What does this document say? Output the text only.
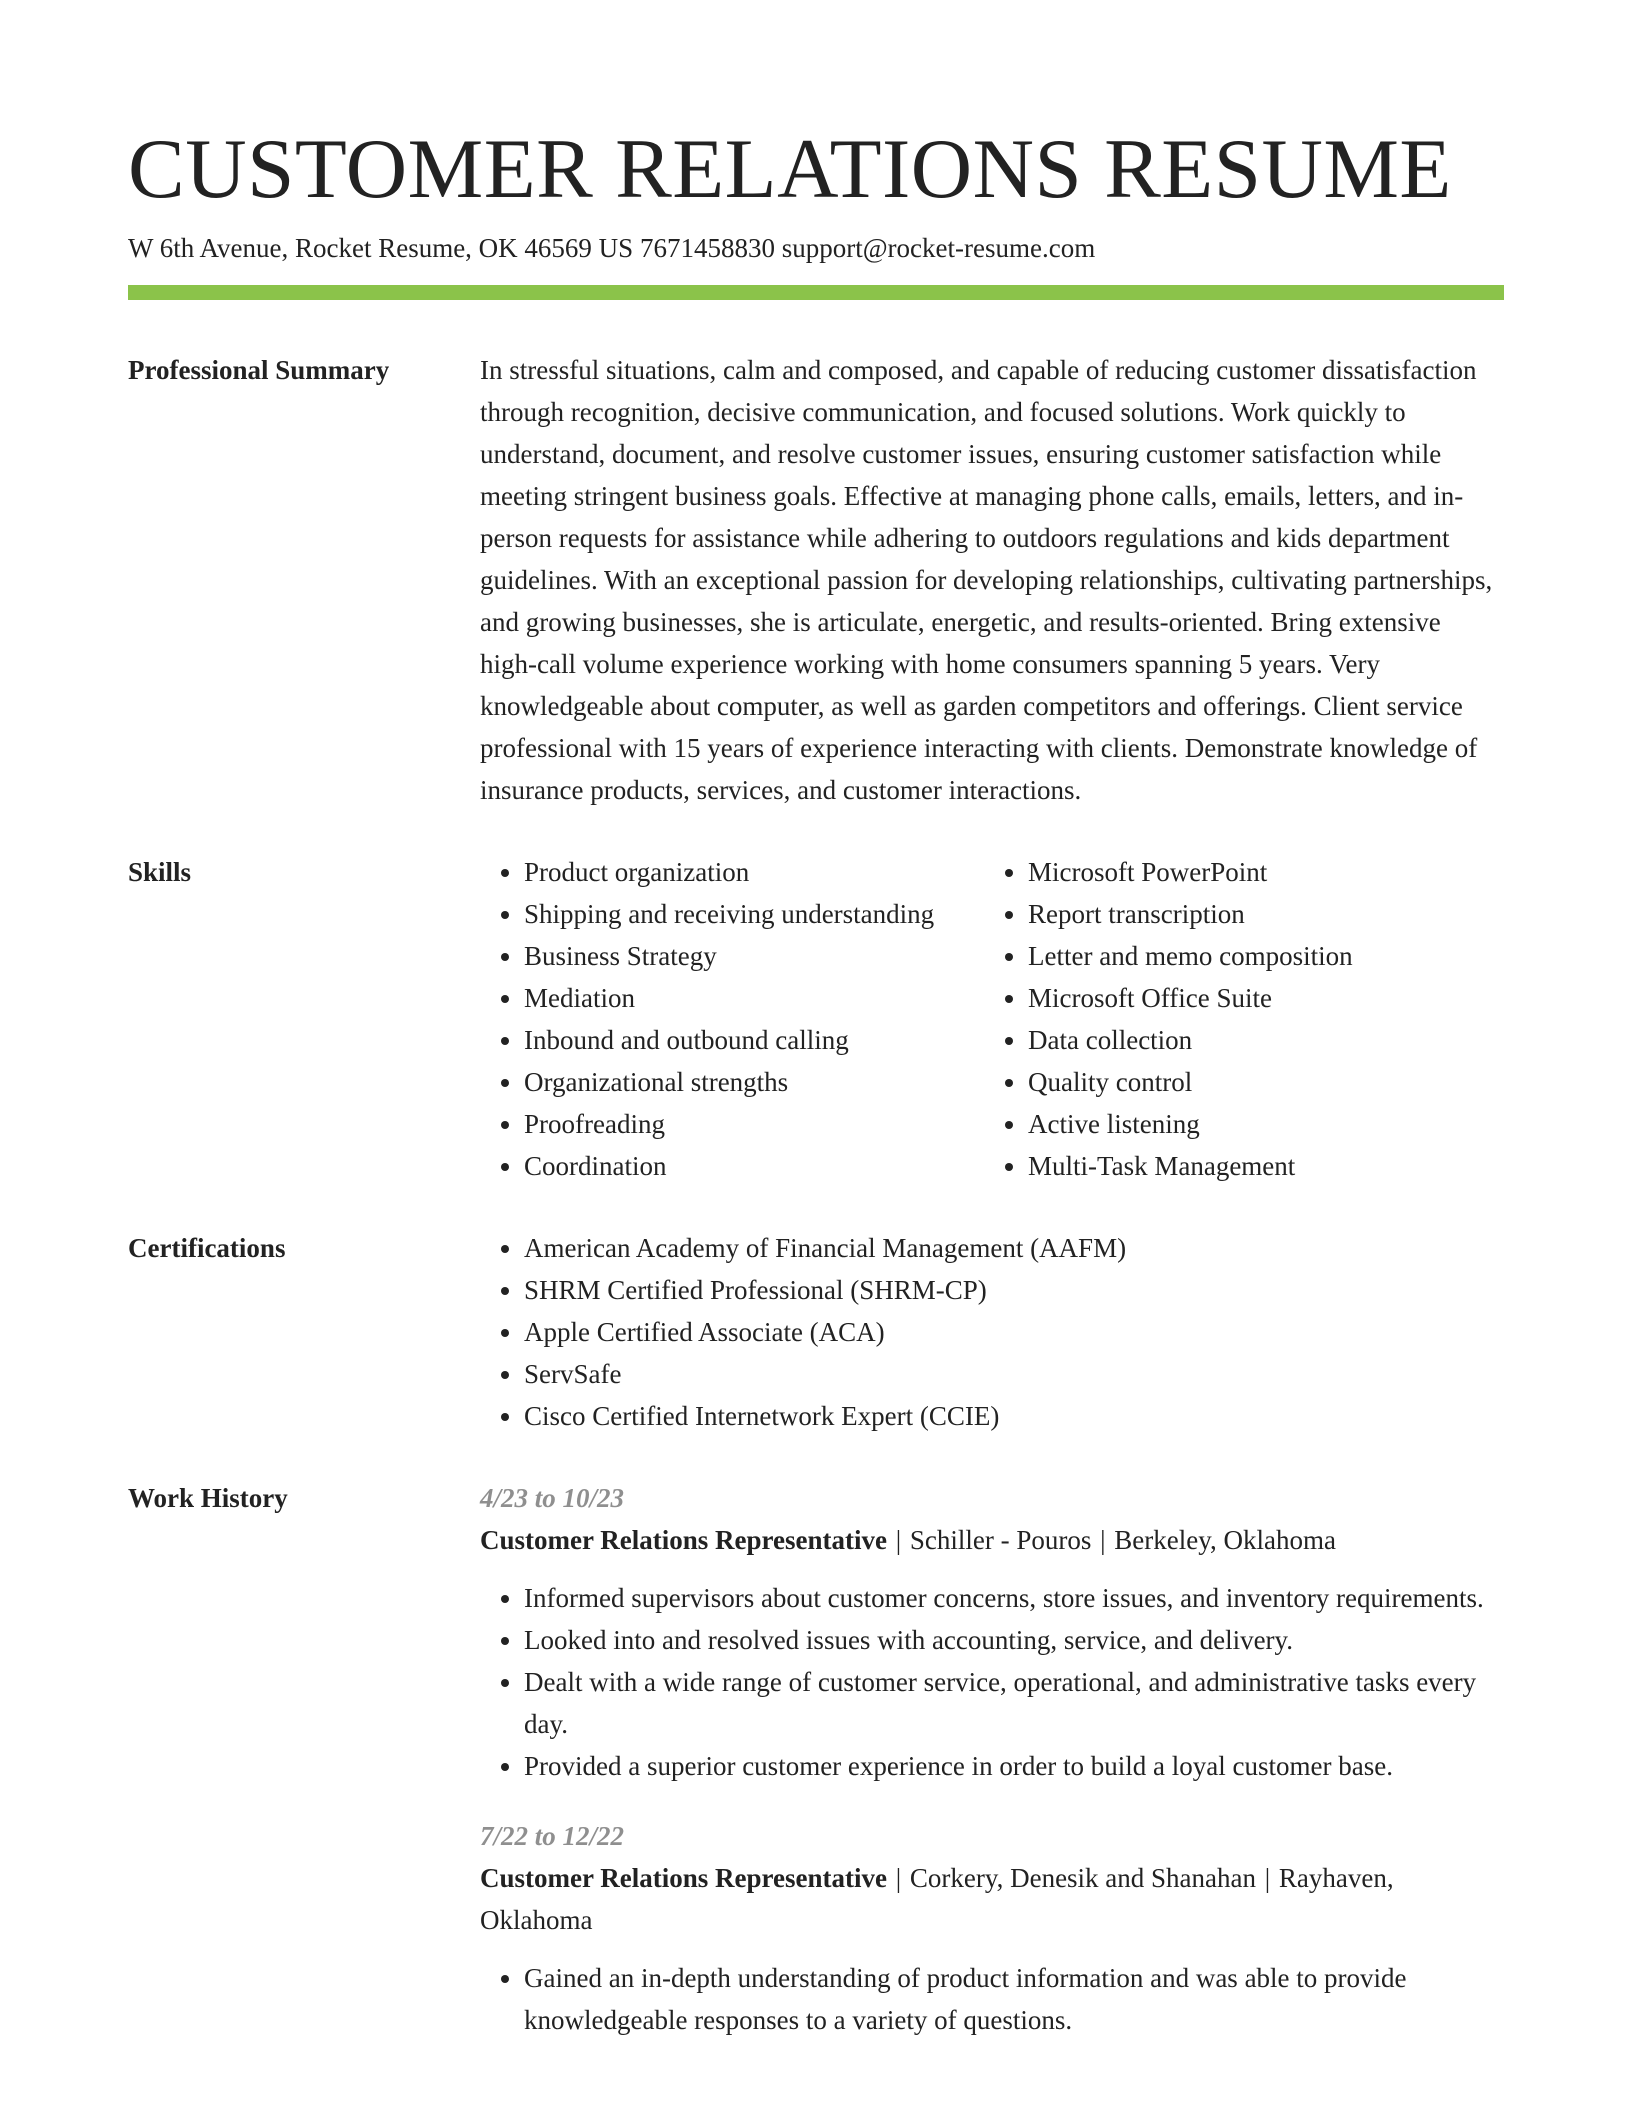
CUSTOMER RELATIONS RESUME
W 6th Avenue, Rocket Resume, OK 46569 US 7671458830 support@rocket-resume.com
Professional Summary	In stressful situations, calm and composed, and capable of reducing customer dissatisfaction through recognition, decisive communication, and focused solutions. Work quickly to understand, document, and resolve customer issues, ensuring customer satisfaction while meeting stringent business goals. Effective at managing phone calls, emails, letters, and in-person requests for assistance while adhering to outdoors regulations and kids department guidelines. With an exceptional passion for developing relationships, cultivating partnerships, and growing businesses, she is articulate, energetic, and results-oriented. Bring extensive high-call volume experience working with home consumers spanning 5 years. Very knowledgeable about computer, as well as garden competitors and offerings. Client service professional with 15 years of experience interacting with clients. Demonstrate knowledge of insurance products, services, and customer interactions.

Skills	• Product organization
• Shipping and receiving understanding
• Business Strategy
• Mediation
• Inbound and outbound calling
• Organizational strengths
• Proofreading
• Coordination
• Microsoft PowerPoint
• Report transcription
• Letter and memo composition
• Microsoft Office Suite
• Data collection
• Quality control
• Active listening
• Multi-Task Management
Certifications	• American Academy of Financial Management (AAFM)
• SHRM Certified Professional (SHRM-CP)
• Apple Certified Associate (ACA)
• ServSafe
• Cisco Certified Internetwork Expert (CCIE)
Work History	4/23 to 10/23
Customer Relations Representative | Schiller - Pouros | Berkeley, Oklahoma
• Informed supervisors about customer concerns, store issues, and inventory requirements.
• Looked into and resolved issues with accounting, service, and delivery.
• Dealt with a wide range of customer service, operational, and administrative tasks every day.
• Provided a superior customer experience in order to build a loyal customer base.
7/22 to 12/22
Customer Relations Representative | Corkery, Denesik and Shanahan | Rayhaven, Oklahoma
• Gained an in-depth understanding of product information and was able to provide knowledgeable responses to a variety of questions.
